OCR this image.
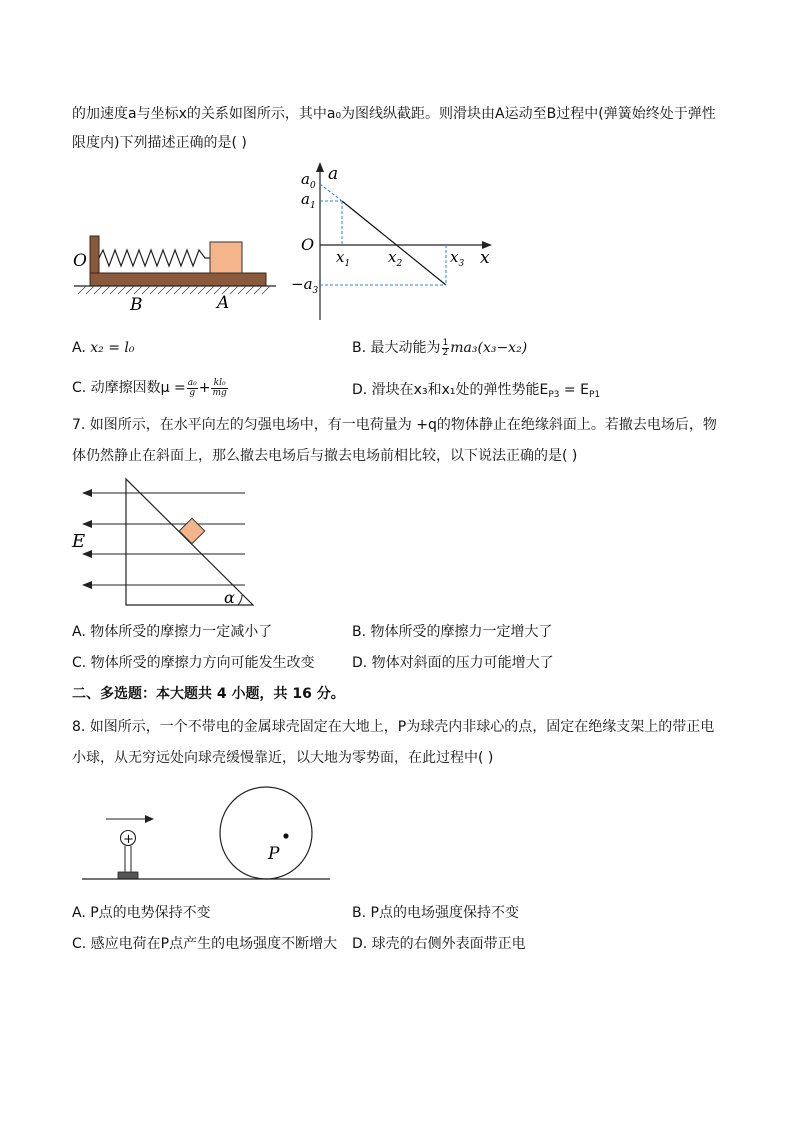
的加速度a与坐标x的关系如图所示，其中a₀为图线纵截距。则滑块由A运动至B过程中(弹簧始终处于弹性
限度内)下列描述正确的是( )
O
B	A
a
x
O
$a_0$
$a_1$
$-a_3$
$x_1$	$x_2$	$x_3$
A. x₂ = l₀	B. 最大动能为 $\frac{1}{2} ma_3(x_3-x_2)$
C. 动摩擦因数$\mu = \frac{\text{a₀}}{g} + \frac{\text{kl₀}}{mg}$	D. 滑块在x₃和x₁处的弹性势能$E_{P3} = E_{P1}$
7. 如图所示，在水平向左的匀强电场中，有一电荷量为 +q的物体静止在绝缘斜面上。若撤去电场后，物
体仍然静止在斜面上，那么撤去电场后与撤去电场前相比较，以下说法正确的是( )
E
α
A. 物体所受的摩擦力一定减小了	B. 物体所受的摩擦力一定增大了
C. 物体所受的摩擦力方向可能发生改变	D. 物体对斜面的压力可能增大了
二、多选题：本大题共 4 小题，共 16 分。
8. 如图所示，一个不带电的金属球壳固定在大地上，P为球壳内非球心的点，固定在绝缘支架上的带正电
小球，从无穷远处向球壳缓慢靠近，以大地为零势面，在此过程中( )
+
P
A. P点的电势保持不变	B. P点的电场强度保持不变
C. 感应电荷在P点产生的电场强度不断增大 D. 球壳的右侧外表面带正电
